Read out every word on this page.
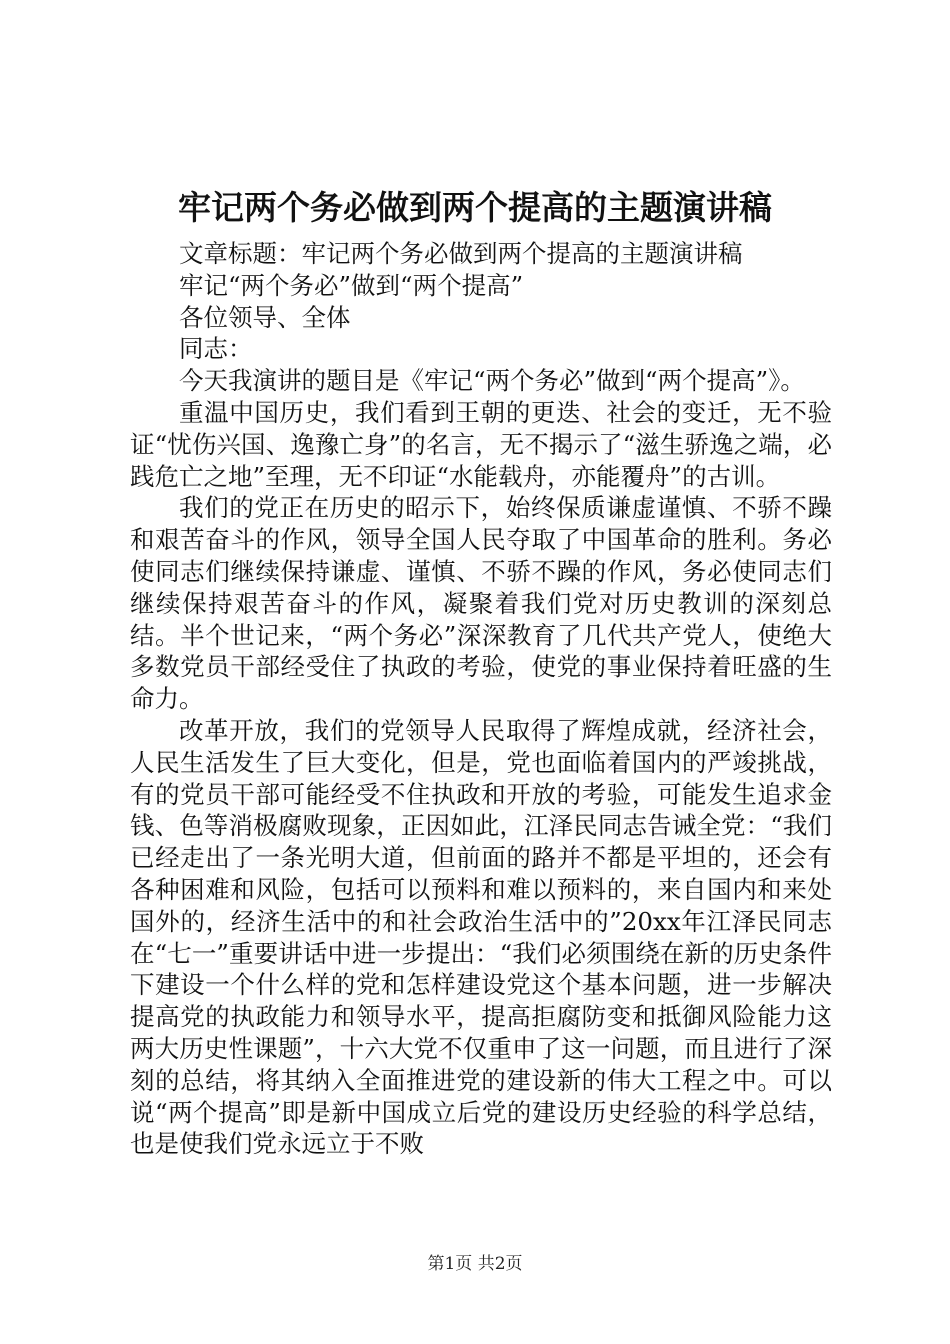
牢记两个务必做到两个提高的主题演讲稿

文章标题：牢记两个务必做到两个提高的主题演讲稿

牢记“两个务必”做到“两个提高”

各位领导、全体

同志：

今天我演讲的题目是《牢记“两个务必”做到“两个提高”》。

重温中国历史，我们看到王朝的更迭、社会的变迁，无不验证“忧伤兴国、逸豫亡身”的名言，无不揭示了“滋生骄逸之端，必践危亡之地”至理，无不印证“水能载舟，亦能覆舟”的古训。

我们的党正在历史的昭示下，始终保质谦虚谨慎、不骄不躁和艰苦奋斗的作风，领导全国人民夺取了中国革命的胜利。务必使同志们继续保持谦虚、谨慎、不骄不躁的作风，务必使同志们继续保持艰苦奋斗的作风，凝聚着我们党对历史教训的深刻总结。半个世记来，“两个务必”深深教育了几代共产党人，使绝大多数党员干部经受住了执政的考验，使党的事业保持着旺盛的生命力。

改革开放，我们的党领导人民取得了辉煌成就，经济社会，人民生活发生了巨大变化，但是，党也面临着国内的严竣挑战，有的党员干部可能经受不住执政和开放的考验，可能发生追求金钱、色等消极腐败现象，正因如此，江泽民同志告诫全党：“我们已经走出了一条光明大道，但前面的路并不都是平坦的，还会有各种困难和风险，包括可以预料和难以预料的，来自国内和来处国外的，经济生活中的和社会政治生活中的”20xx年江泽民同志在“七一”重要讲话中进一步提出：“我们必须围绕在新的历史条件下建设一个什么样的党和怎样建设党这个基本问题，进一步解决提高党的执政能力和领导水平，提高拒腐防变和抵御风险能力这两大历史性课题”，十六大党不仅重申了这一问题，而且进行了深刻的总结，将其纳入全面推进党的建设新的伟大工程之中。可以说“两个提高”即是新中国成立后党的建设历史经验的科学总结，也是使我们党永远立于不败

第1页 共2页
